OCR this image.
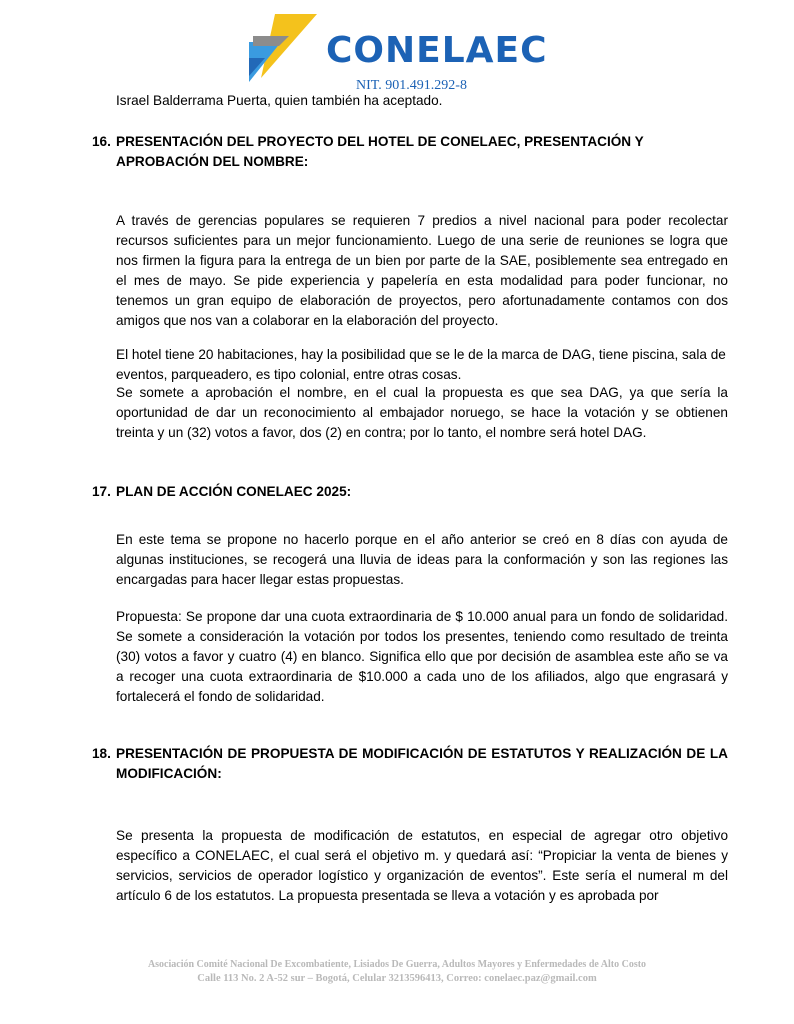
CONELAEC
NIT. 901.491.292-8

Israel Balderrama Puerta, quien también ha aceptado.

16. PRESENTACIÓN DEL PROYECTO DEL HOTEL DE CONELAEC, PRESENTACIÓN Y APROBACIÓN DEL NOMBRE:

A través de gerencias populares se requieren 7 predios a nivel nacional para poder recolectar recursos suficientes para un mejor funcionamiento. Luego de una serie de reuniones se logra que nos firmen la figura para la entrega de un bien por parte de la SAE, posiblemente sea entregado en el mes de mayo. Se pide experiencia y papelería en esta modalidad para poder funcionar, no tenemos un gran equipo de elaboración de proyectos, pero afortunadamente contamos con dos amigos que nos van a colaborar en la elaboración del proyecto.

El hotel tiene 20 habitaciones, hay la posibilidad que se le de la marca de DAG, tiene piscina, sala de eventos, parqueadero, es tipo colonial, entre otras cosas.

Se somete a aprobación el nombre, en el cual la propuesta es que sea DAG, ya que sería la oportunidad de dar un reconocimiento al embajador noruego, se hace la votación y se obtienen treinta y un (32) votos a favor, dos (2) en contra; por lo tanto, el nombre será hotel DAG.

17. PLAN DE ACCIÓN CONELAEC 2025:

En este tema se propone no hacerlo porque en el año anterior se creó en 8 días con ayuda de algunas instituciones, se recogerá una lluvia de ideas para la conformación y son las regiones las encargadas para hacer llegar estas propuestas.

Propuesta: Se propone dar una cuota extraordinaria de $ 10.000 anual para un fondo de solidaridad. Se somete a consideración la votación por todos los presentes, teniendo como resultado de treinta (30) votos a favor y cuatro (4) en blanco. Significa ello que por decisión de asamblea este año se va a recoger una cuota extraordinaria de $10.000 a cada uno de los afiliados, algo que engrasará y fortalecerá el fondo de solidaridad.

18. PRESENTACIÓN DE PROPUESTA DE MODIFICACIÓN DE ESTATUTOS Y REALIZACIÓN DE LA MODIFICACIÓN:

Se presenta la propuesta de modificación de estatutos, en especial de agregar otro objetivo específico a CONELAEC, el cual será el objetivo m. y quedará así: “Propiciar la venta de bienes y servicios, servicios de operador logístico y organización de eventos”. Este sería el numeral m del artículo 6 de los estatutos. La propuesta presentada se lleva a votación y es aprobada por

Asociación Comité Nacional De Excombatiente, Lisiados De Guerra, Adultos Mayores y Enfermedades de Alto Costo
Calle 113 No. 2 A-52 sur – Bogotá, Celular 3213596413, Correo: conelaec.paz@gmail.com
